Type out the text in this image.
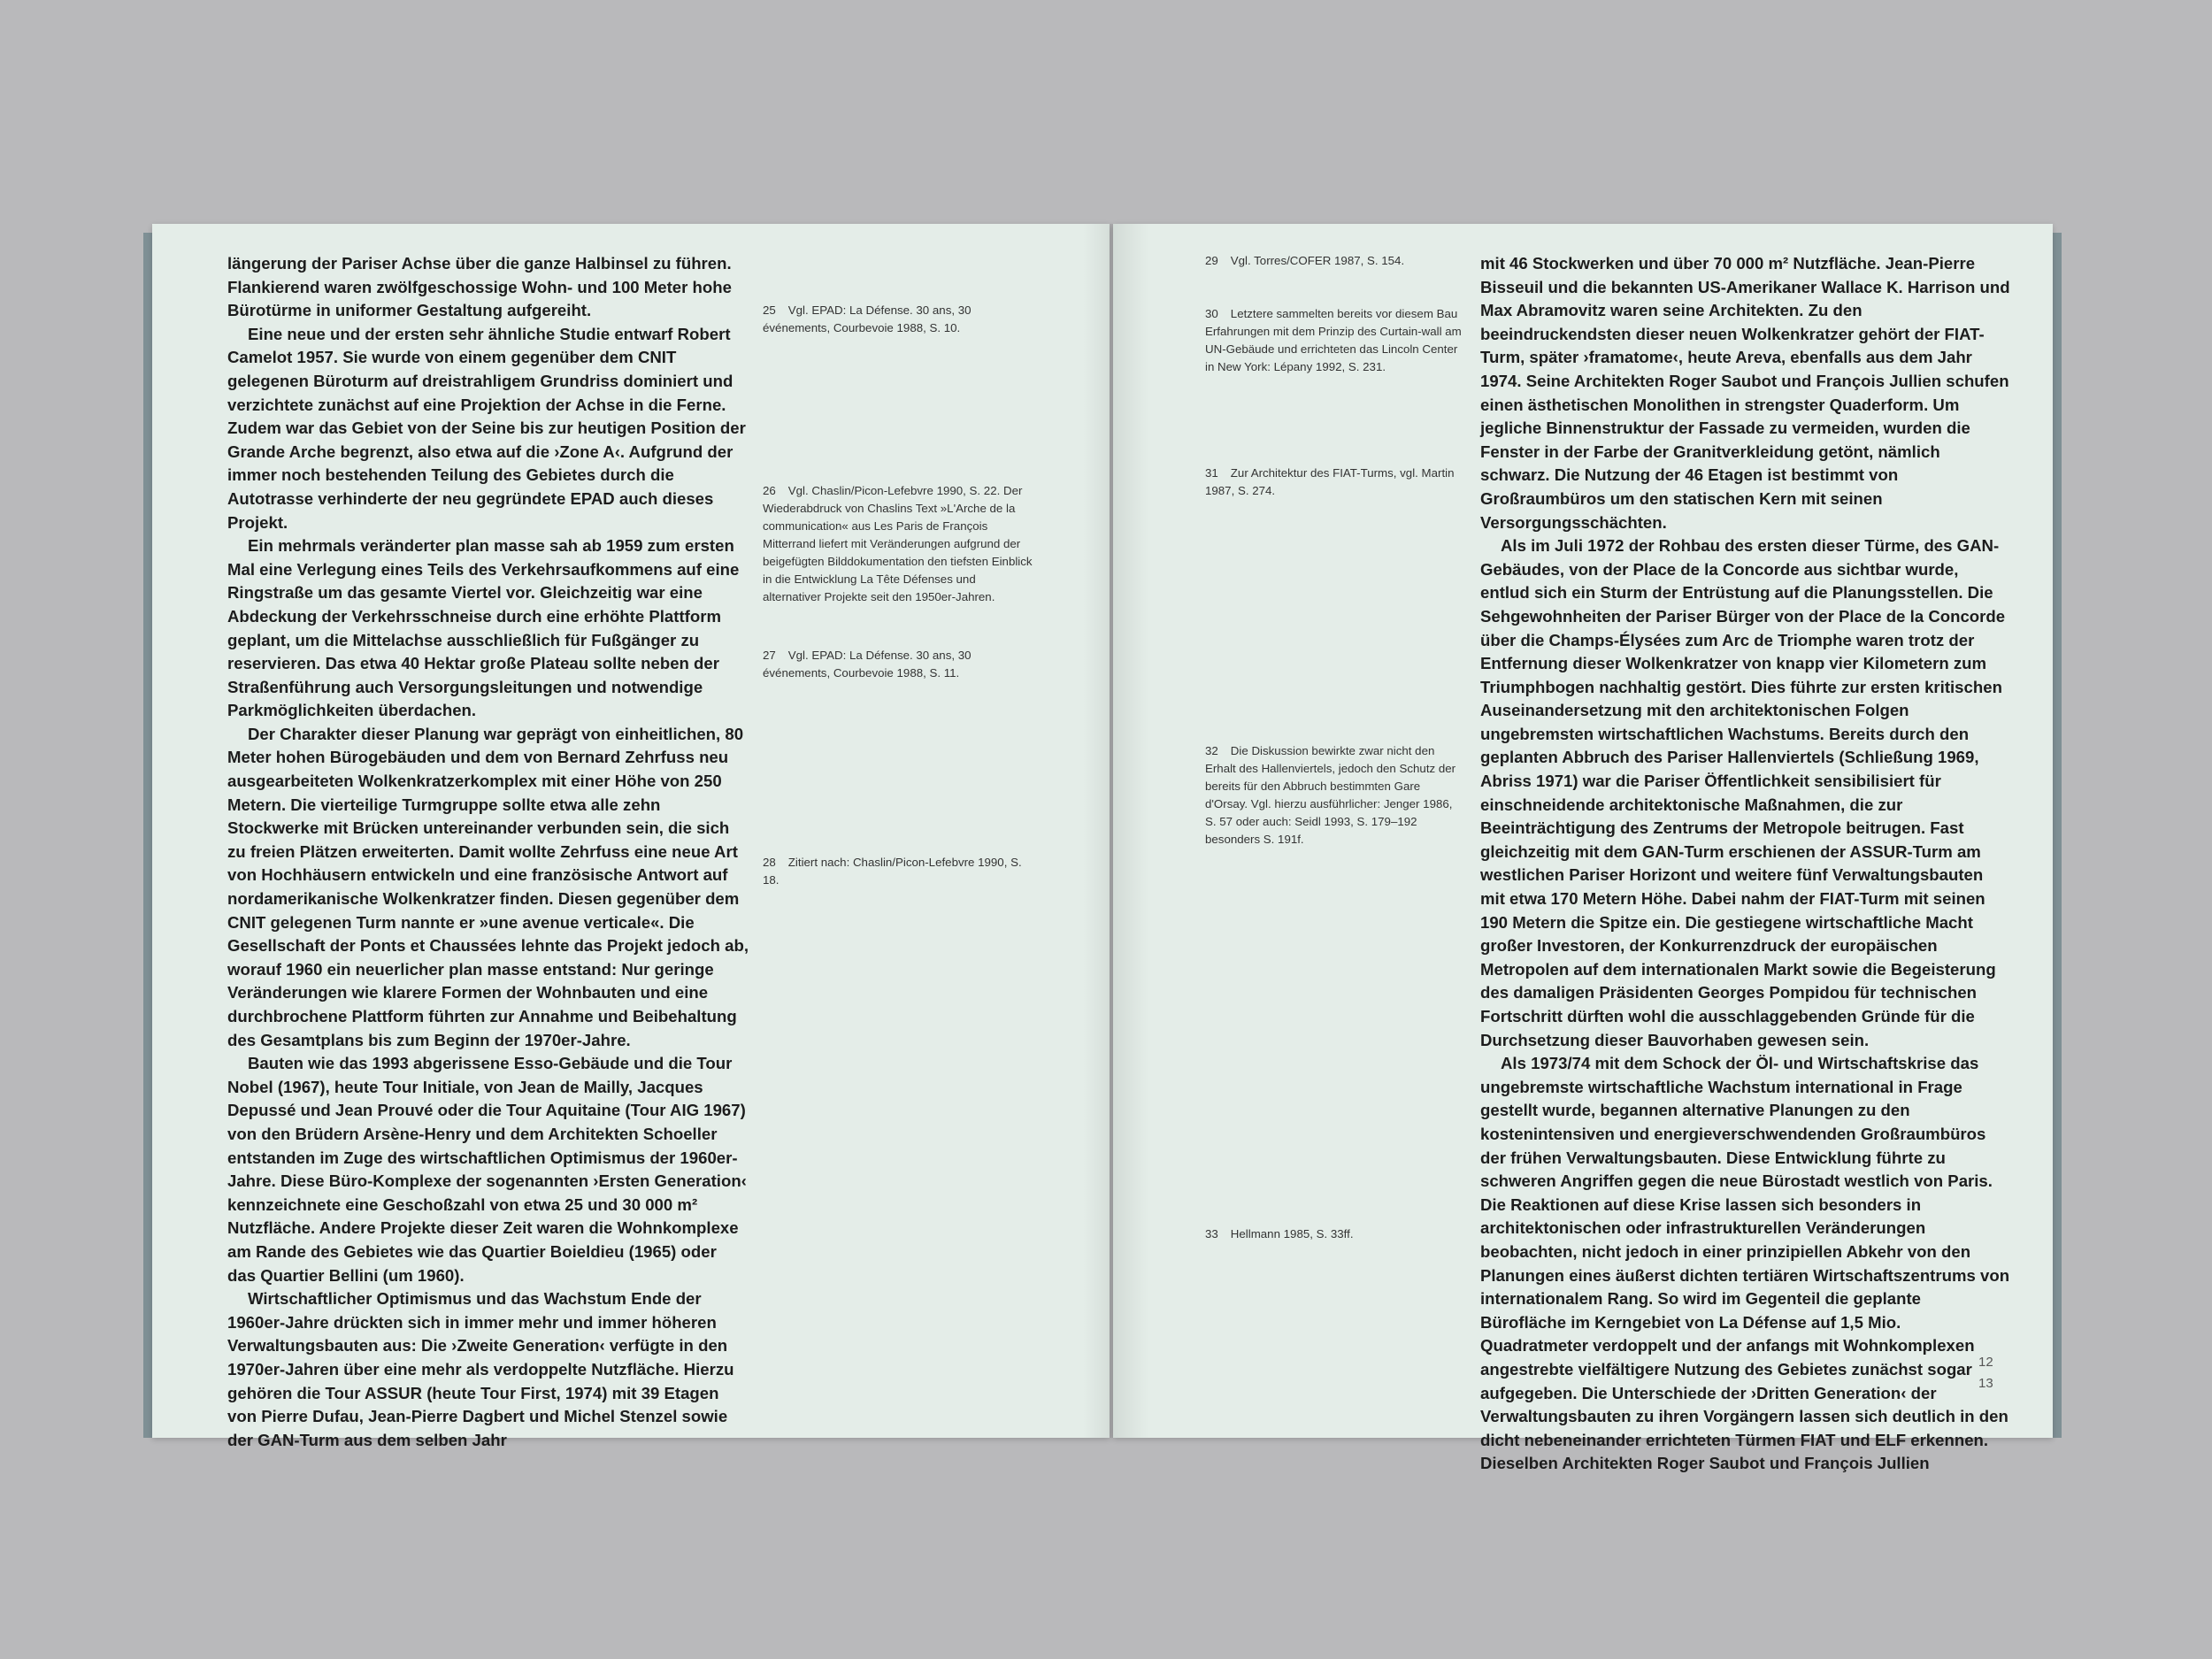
längerung der Pariser Achse über die ganze Halbinsel zu führen. Flankierend waren zwölfgeschossige Wohn- und 100 Meter hohe Bürotürme in uniformer Gestaltung aufgereiht.

Eine neue und der ersten sehr ähnliche Studie entwarf Robert Camelot 1957. Sie wurde von einem gegenüber dem CNIT gelegenen Büroturm auf dreistrahligem Grundriss dominiert und verzichtete zunächst auf eine Projektion der Achse in die Ferne. Zudem war das Gebiet von der Seine bis zur heutigen Position der Grande Arche begrenzt, also etwa auf die ›Zone A‹. Aufgrund der immer noch bestehenden Teilung des Gebietes durch die Autotrasse verhinderte der neu gegründete EPAD auch dieses Projekt.

Ein mehrmals veränderter plan masse sah ab 1959 zum ersten Mal eine Verlegung eines Teils des Verkehrsaufkommens auf eine Ringstraße um das gesamte Viertel vor. Gleichzeitig war eine Abdeckung der Verkehrsschneise durch eine erhöhte Plattform geplant, um die Mittelachse ausschließlich für Fußgänger zu reservieren. Das etwa 40 Hektar große Plateau sollte neben der Straßenführung auch Versorgungsleitungen und notwendige Parkmöglichkeiten überdachen.

Der Charakter dieser Planung war geprägt von einheitlichen, 80 Meter hohen Bürogebäuden und dem von Bernard Zehrfuss neu ausgearbeiteten Wolkenkratzerkomplex mit einer Höhe von 250 Metern. Die vierteilige Turmgruppe sollte etwa alle zehn Stockwerke mit Brücken untereinander verbunden sein, die sich zu freien Plätzen erweiterten. Damit wollte Zehrfuss eine neue Art von Hochhäusern entwickeln und eine französische Antwort auf nordamerikanische Wolkenkratzer finden. Diesen gegenüber dem CNIT gelegenen Turm nannte er »une avenue verticale«. Die Gesellschaft der Ponts et Chaussées lehnte das Projekt jedoch ab, worauf 1960 ein neuerlicher plan masse entstand: Nur geringe Veränderungen wie klarere Formen der Wohnbauten und eine durchbrochene Plattform führten zur Annahme und Beibehaltung des Gesamtplans bis zum Beginn der 1970er-Jahre.

Bauten wie das 1993 abgerissene Esso-Gebäude und die Tour Nobel (1967), heute Tour Initiale, von Jean de Mailly, Jacques Depussé und Jean Prouvé oder die Tour Aquitaine (Tour AIG 1967) von den Brüdern Arsène-Henry und dem Architekten Schoeller entstanden im Zuge des wirtschaftlichen Optimismus der 1960er-Jahre. Diese Büro-Komplexe der sogenannten ›Ersten Generation‹ kennzeichnete eine Geschoßzahl von etwa 25 und 30 000 m² Nutzfläche. Andere Projekte dieser Zeit waren die Wohnkomplexe am Rande des Gebietes wie das Quartier Boieldieu (1965) oder das Quartier Bellini (um 1960).

Wirtschaftlicher Optimismus und das Wachstum Ende der 1960er-Jahre drückten sich in immer mehr und immer höheren Verwaltungsbauten aus: Die ›Zweite Generation‹ verfügte in den 1970er-Jahren über eine mehr als verdoppelte Nutzfläche. Hierzu gehören die Tour ASSUR (heute Tour First, 1974) mit 39 Etagen von Pierre Dufau, Jean-Pierre Dagbert und Michel Stenzel sowie der GAN-Turm aus dem selben Jahr

25 Vgl. EPAD: La Défense. 30 ans, 30 événements, Courbevoie 1988, S. 10.
26 Vgl. Chaslin/Picon-Lefebvre 1990, S. 22. Der Wiederabdruck von Chaslins Text »L'Arche de la communication« aus Les Paris de François Mitterrand liefert mit Veränderungen aufgrund der beigefügten Bilddokumentation den tiefsten Einblick in die Entwicklung La Tête Défenses und alternativer Projekte seit den 1950er-Jahren.
27 Vgl. EPAD: La Défense. 30 ans, 30 événements, Courbevoie 1988, S. 11.
28 Zitiert nach: Chaslin/Picon-Lefebvre 1990, S. 18.
29 Vgl. Torres/COFER 1987, S. 154.
30 Letztere sammelten bereits vor diesem Bau Erfahrungen mit dem Prinzip des Curtain-wall am UN-Gebäude und errichteten das Lincoln Center in New York: Lépany 1992, S. 231.
31 Zur Architektur des FIAT-Turms, vgl. Martin 1987, S. 274.
32 Die Diskussion bewirkte zwar nicht den Erhalt des Hallenviertels, jedoch den Schutz der bereits für den Abbruch bestimmten Gare d'Orsay. Vgl. hierzu ausführlicher: Jenger 1986, S. 57 oder auch: Seidl 1993, S. 179–192 besonders S. 191f.
33 Hellmann 1985, S. 33ff.

mit 46 Stockwerken und über 70 000 m² Nutzfläche. Jean-Pierre Bisseuil und die bekannten US-Amerikaner Wallace K. Harrison und Max Abramovitz waren seine Architekten. Zu den beeindruckendsten dieser neuen Wolkenkratzer gehört der FIAT-Turm, später ›framatome‹, heute Areva, ebenfalls aus dem Jahr 1974. Seine Architekten Roger Saubot und François Jullien schufen einen ästhetischen Monolithen in strengster Quaderform. Um jegliche Binnenstruktur der Fassade zu vermeiden, wurden die Fenster in der Farbe der Granitverkleidung getönt, nämlich schwarz. Die Nutzung der 46 Etagen ist bestimmt von Großraumbüros um den statischen Kern mit seinen Versorgungsschächten.

Als im Juli 1972 der Rohbau des ersten dieser Türme, des GAN-Gebäudes, von der Place de la Concorde aus sichtbar wurde, entlud sich ein Sturm der Entrüstung auf die Planungsstellen. Die Sehgewohnheiten der Pariser Bürger von der Place de la Concorde über die Champs-Élysées zum Arc de Triomphe waren trotz der Entfernung dieser Wolkenkratzer von knapp vier Kilometern zum Triumphbogen nachhaltig gestört. Dies führte zur ersten kritischen Auseinandersetzung mit den architektonischen Folgen ungebremsten wirtschaftlichen Wachstums. Bereits durch den geplanten Abbruch des Pariser Hallenviertels (Schließung 1969, Abriss 1971) war die Pariser Öffentlichkeit sensibilisiert für einschneidende architektonische Maßnahmen, die zur Beeinträchtigung des Zentrums der Metropole beitrugen. Fast gleichzeitig mit dem GAN-Turm erschienen der ASSUR-Turm am westlichen Pariser Horizont und weitere fünf Verwaltungsbauten mit etwa 170 Metern Höhe. Dabei nahm der FIAT-Turm mit seinen 190 Metern die Spitze ein. Die gestiegene wirtschaftliche Macht großer Investoren, der Konkurrenzdruck der europäischen Metropolen auf dem internationalen Markt sowie die Begeisterung des damaligen Präsidenten Georges Pompidou für technischen Fortschritt dürften wohl die ausschlaggebenden Gründe für die Durchsetzung dieser Bauvorhaben gewesen sein.

Als 1973/74 mit dem Schock der Öl- und Wirtschaftskrise das ungebremste wirtschaftliche Wachstum international in Frage gestellt wurde, begannen alternative Planungen zu den kostenintensiven und energieverschwendenden Großraumbüros der frühen Verwaltungsbauten. Diese Entwicklung führte zu schweren Angriffen gegen die neue Bürostadt westlich von Paris. Die Reaktionen auf diese Krise lassen sich besonders in architektonischen oder infrastrukturellen Veränderungen beobachten, nicht jedoch in einer prinzipiellen Abkehr von den Planungen eines äußerst dichten tertiären Wirtschaftszentrums von internationalem Rang. So wird im Gegenteil die geplante Bürofläche im Kerngebiet von La Défense auf 1,5 Mio. Quadratmeter verdoppelt und der anfangs mit Wohnkomplexen angestrebte vielfältigere Nutzung des Gebietes zunächst sogar aufgegeben. Die Unterschiede der ›Dritten Generation‹ der Verwaltungsbauten zu ihren Vorgängern lassen sich deutlich in den dicht nebeneinander errichteten Türmen FIAT und ELF erkennen. Dieselben Architekten Roger Saubot und François Jullien

12
13
